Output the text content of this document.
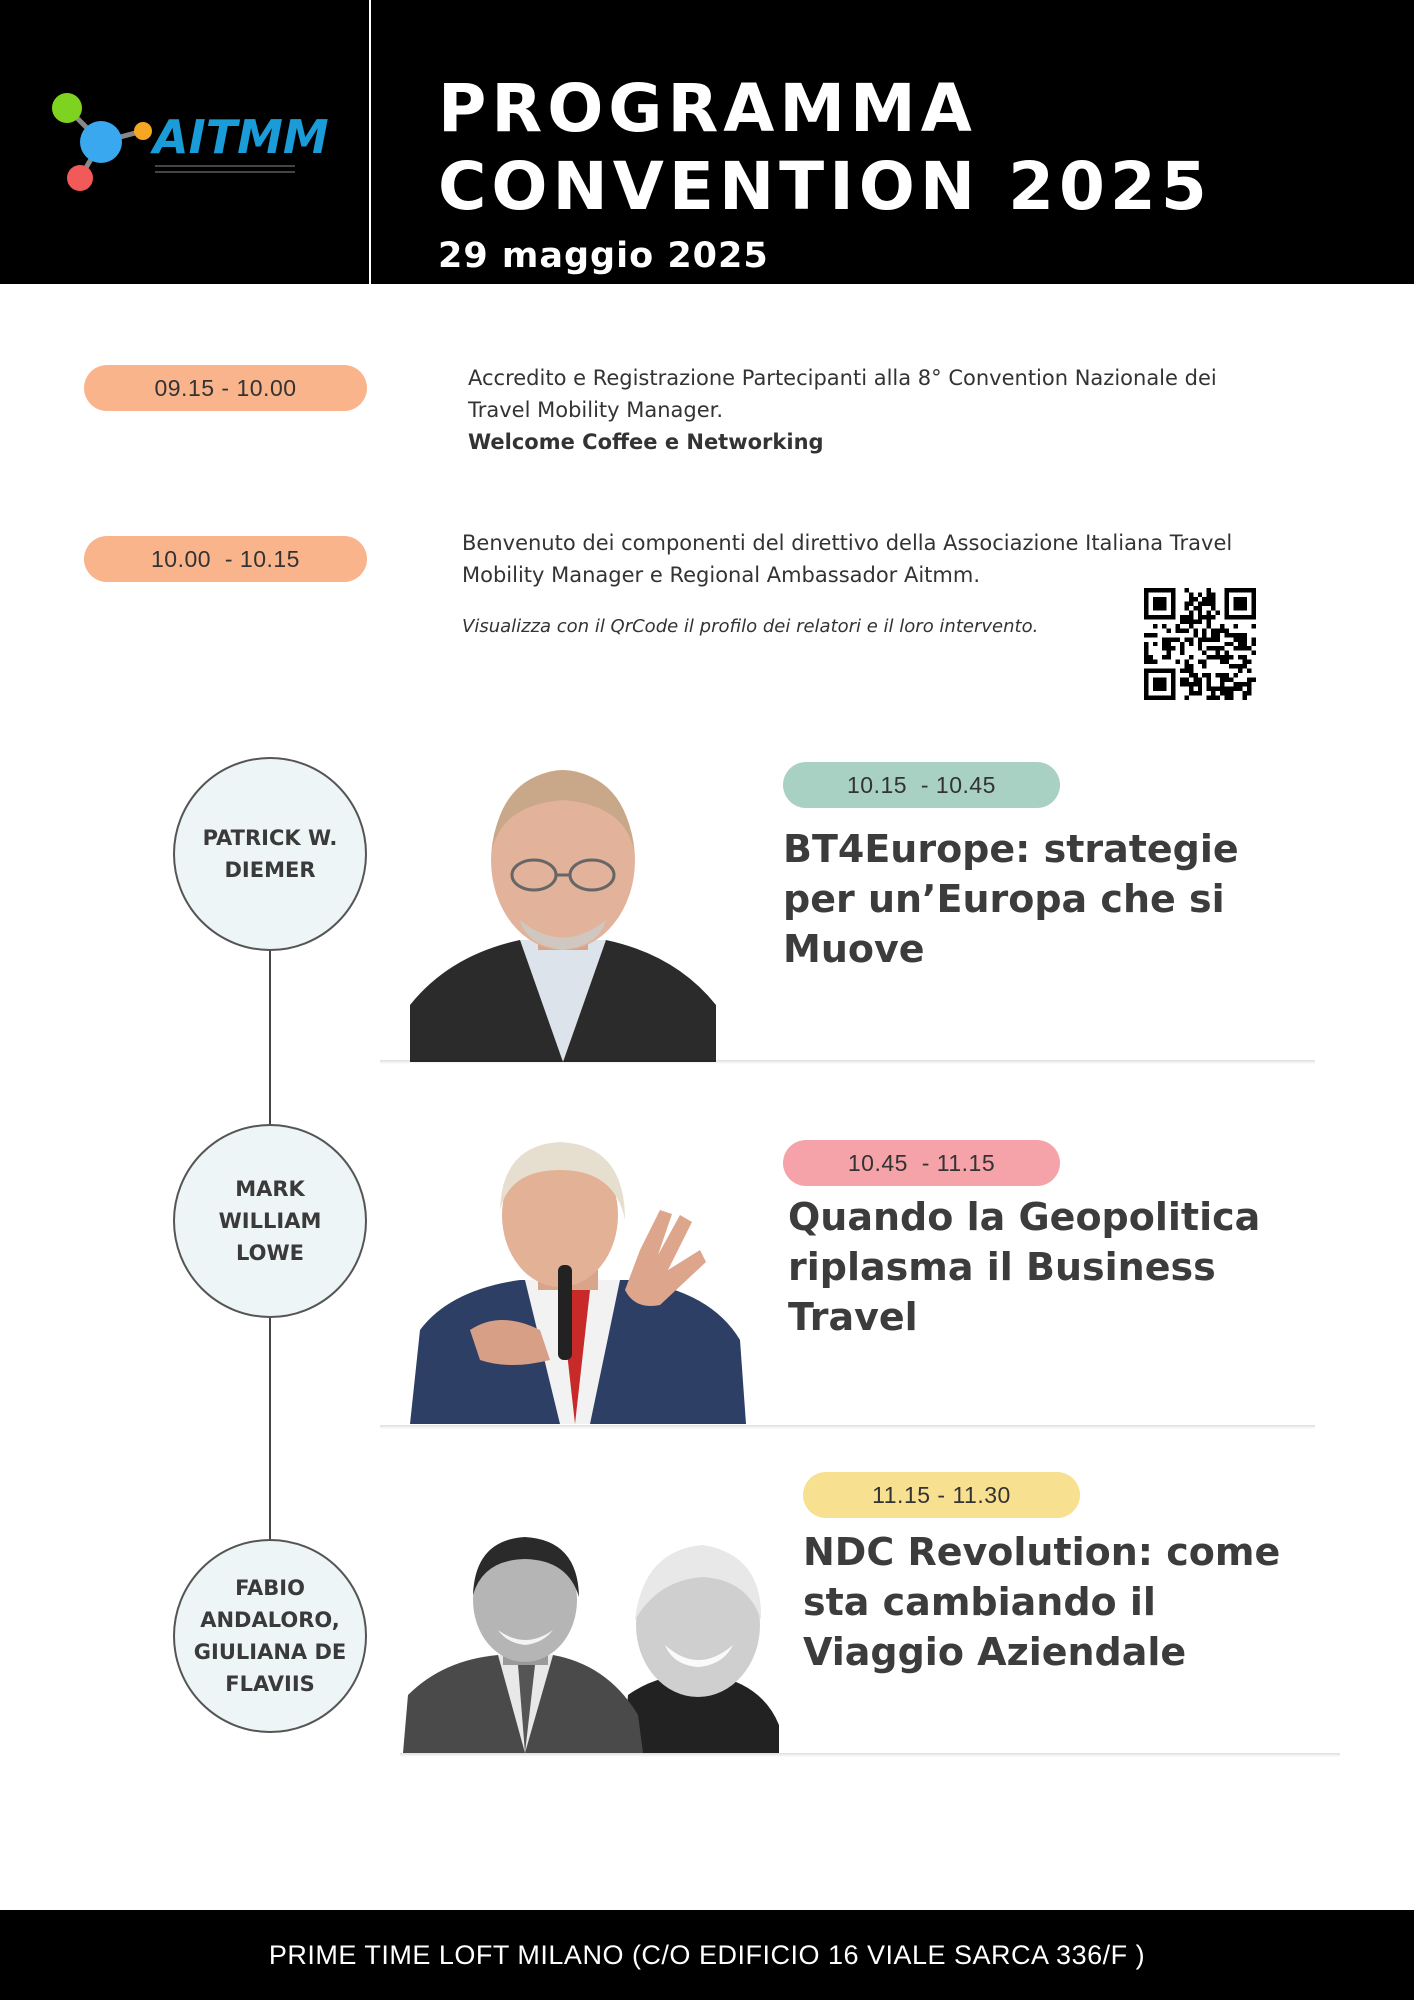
AITMM PROGRAMMA
CONVENTION 2025
29 maggio 2025
09.15 - 10.00	Accredito e Registrazione Partecipanti alla 8° Convention Nazionale dei
Travel Mobility Manager.
Welcome Coffee e Networking
10.00  - 10.15
Benvenuto dei componenti del direttivo della Associazione Italiana Travel
Mobility Manager e Regional Ambassador Aitmm.
Visualizza con il QrCode il profilo dei relatori e il loro intervento.
PATRICK W.
DIEMER
10.15  - 10.45
BT4Europe: strategie
per un’Europa che si
Muove
MARK WILLIAM
LOWE
10.45  - 11.15
Quando la Geopolitica
riplasma il Business
Travel
FABIO
ANDALORO,
GIULIANA DE
FLAVIIS
11.15 - 11.30
NDC Revolution: come
sta cambiando il
Viaggio Aziendale
PRIME TIME LOFT MILANO (C/O EDIFICIO 16 VIALE SARCA 336/F )
